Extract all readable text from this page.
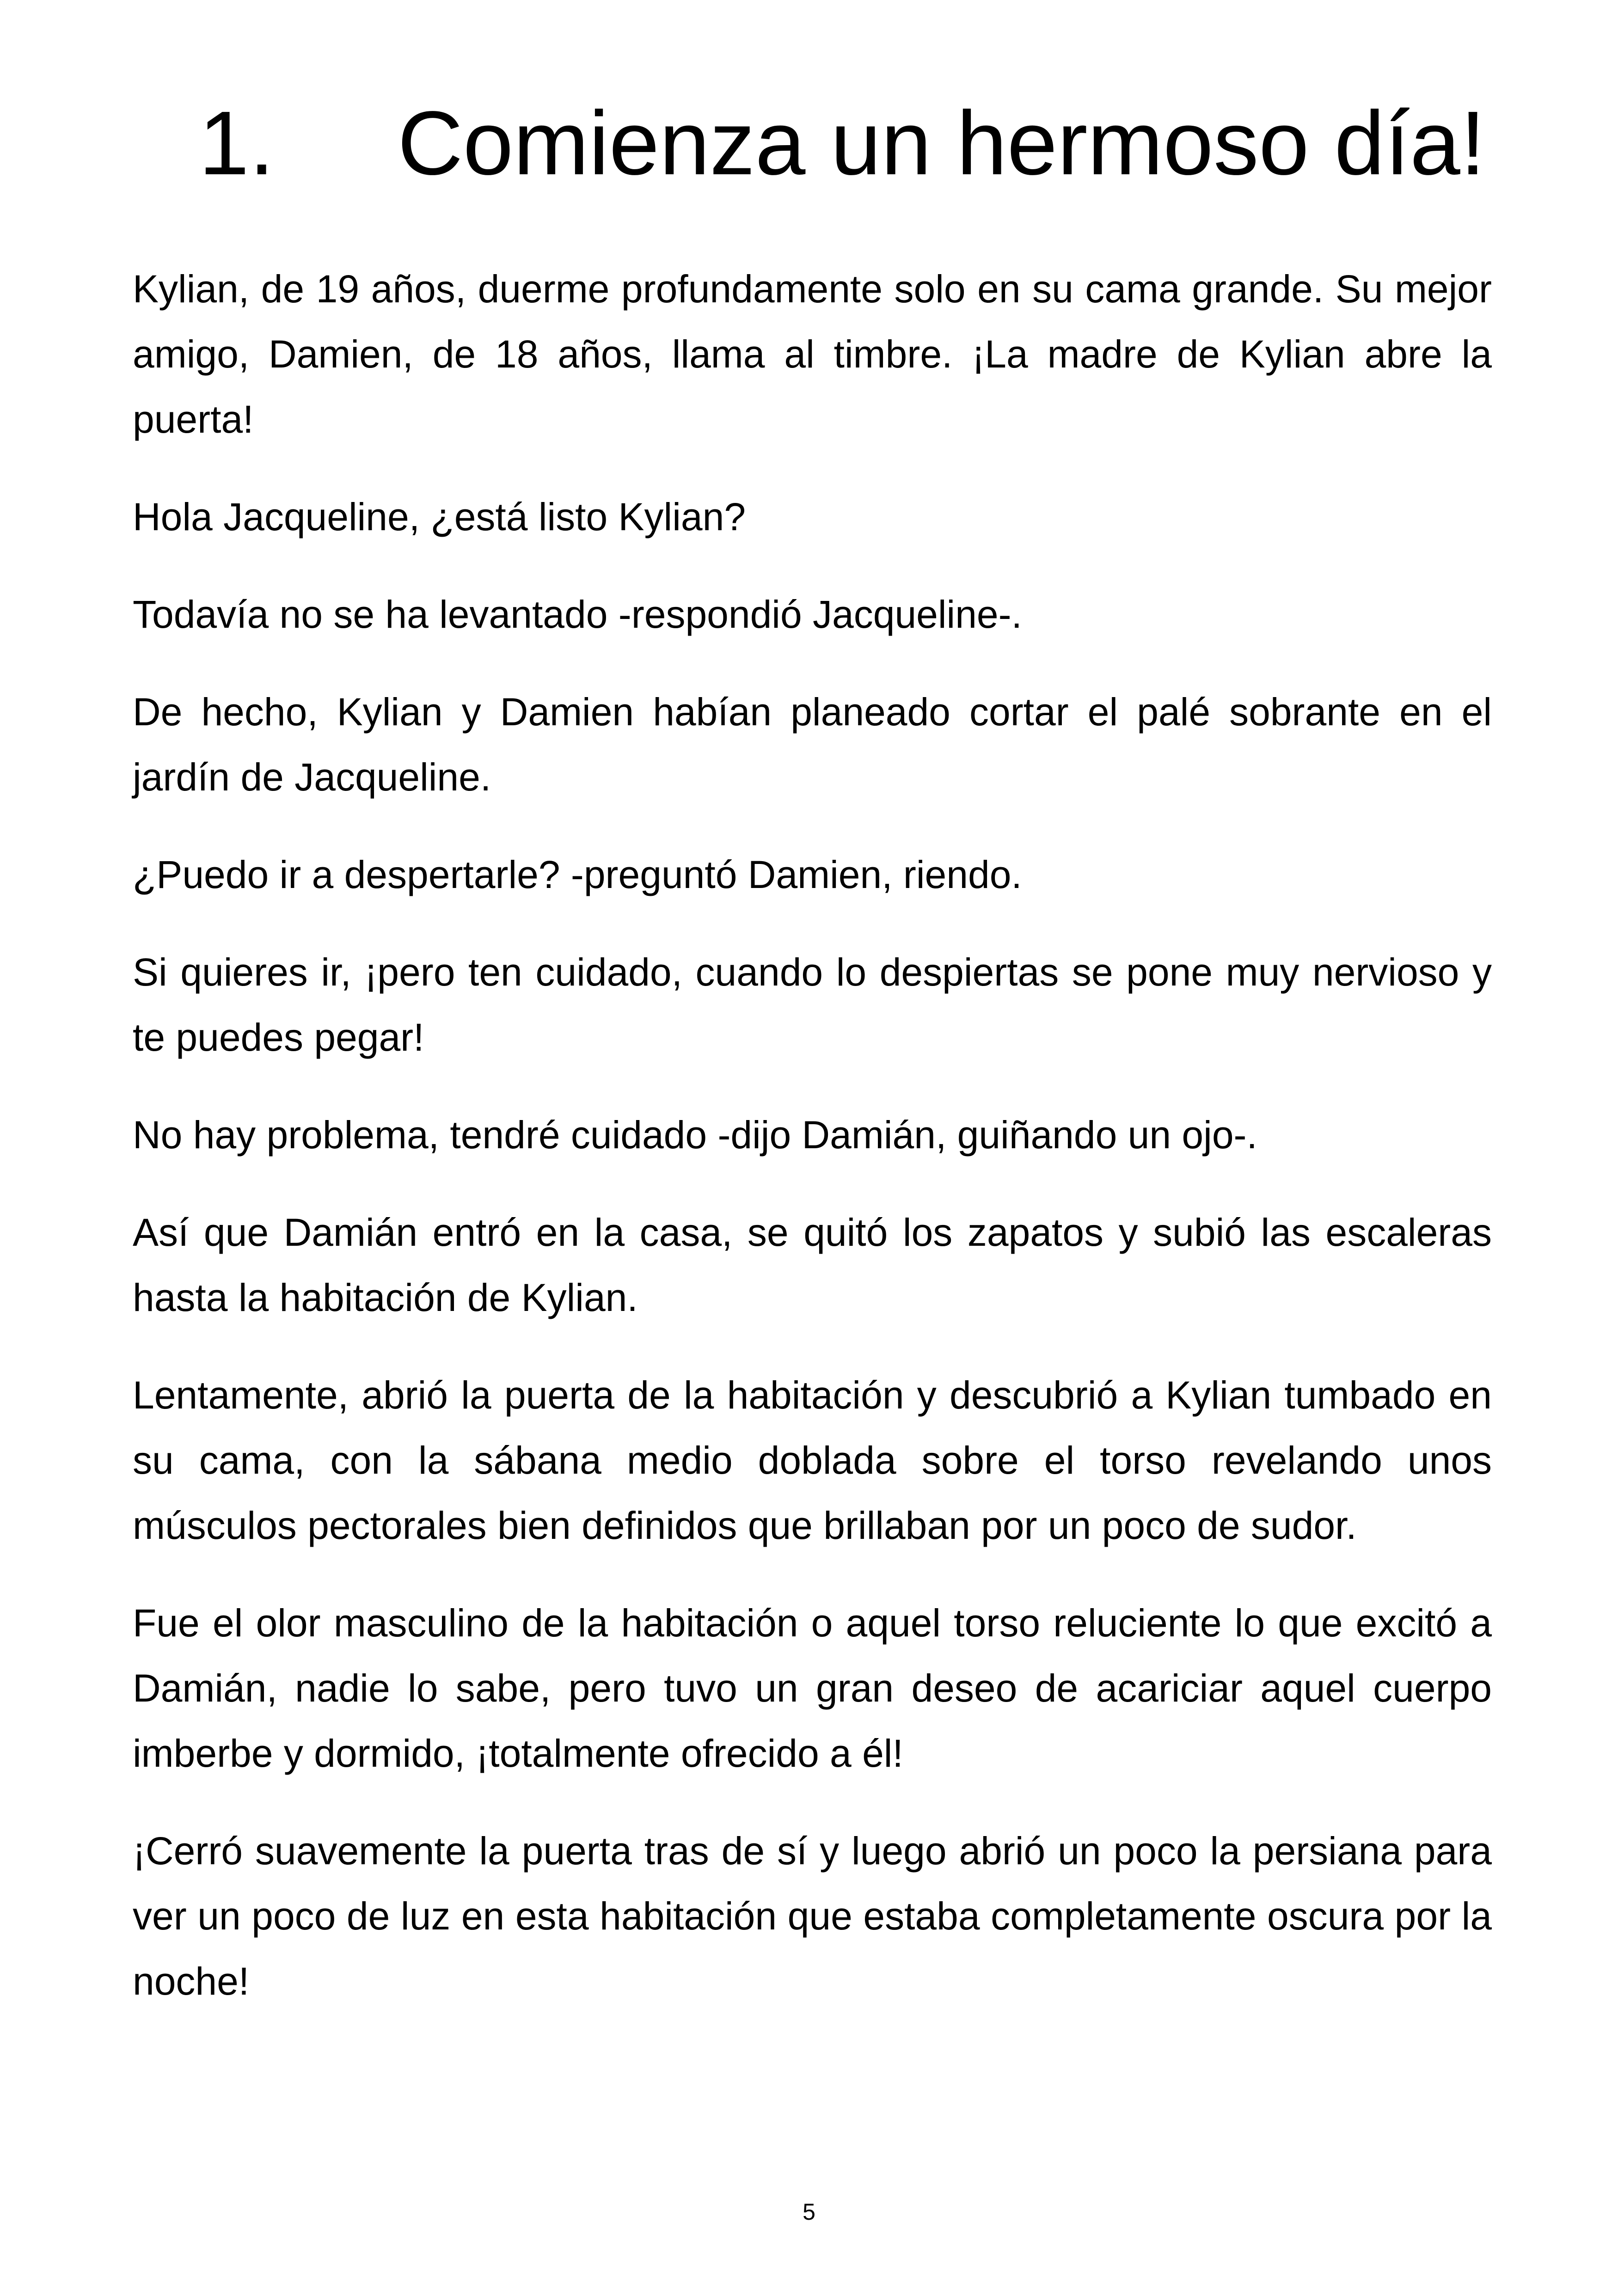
1.	Comienza un hermoso día!

Kylian, de 19 años, duerme profundamente solo en su cama grande. Su mejor amigo, Damien, de 18 años, llama al timbre. ¡La madre de Kylian abre la puerta!

Hola Jacqueline, ¿está listo Kylian?

Todavía no se ha levantado -respondió Jacqueline-.

De hecho, Kylian y Damien habían planeado cortar el palé sobrante en el jardín de Jacqueline.

¿Puedo ir a despertarle? -preguntó Damien, riendo.

Si quieres ir, ¡pero ten cuidado, cuando lo despiertas se pone muy nervioso y te puedes pegar!

No hay problema, tendré cuidado -dijo Damián, guiñando un ojo-.

Así que Damián entró en la casa, se quitó los zapatos y subió las escaleras hasta la habitación de Kylian.

Lentamente, abrió la puerta de la habitación y descubrió a Kylian tumbado en su cama, con la sábana medio doblada sobre el torso revelando unos músculos pectorales bien definidos que brillaban por un poco de sudor.

Fue el olor masculino de la habitación o aquel torso reluciente lo que excitó a Damián, nadie lo sabe, pero tuvo un gran deseo de acariciar aquel cuerpo imberbe y dormido, ¡totalmente ofrecido a él!

¡Cerró suavemente la puerta tras de sí y luego abrió un poco la persiana para ver un poco de luz en esta habitación que estaba completamente oscura por la noche!

5
